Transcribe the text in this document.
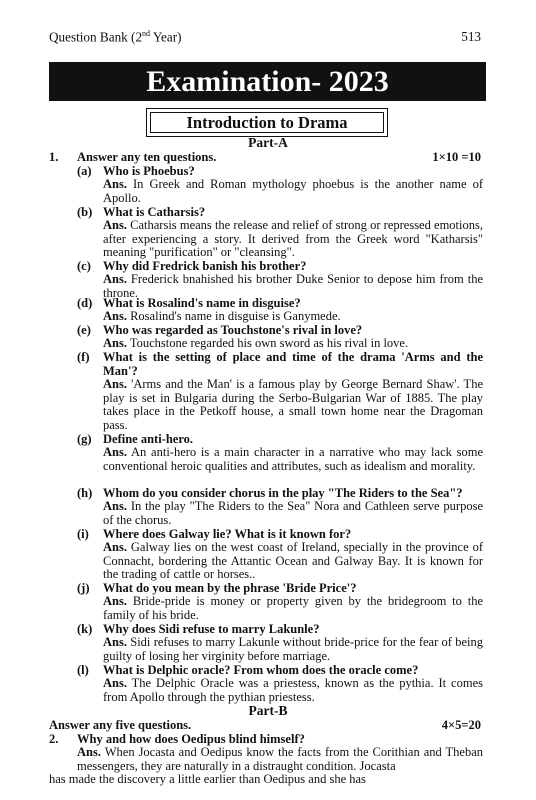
Question Bank (2nd Year)	513
Examination- 2023
Introduction to Drama
Part-A
1. Answer any ten questions.	1×10 =10
(a) Who is Phoebus?
Ans. In Greek and Roman mythology phoebus is the another name of Apollo.
(b) What is Catharsis?
Ans. Catharsis means the release and relief of strong or repressed emotions, after experiencing a story. It derived from the Greek word "Katharsis" meaning "purification" or "cleansing".
(c) Why did Fredrick banish his brother?
Ans. Frederick bnahished his brother Duke Senior to depose him from the throne.
(d) What is Rosalind's name in disguise?
Ans. Rosalind's name in disguise is Ganymede.
(e) Who was regarded as Touchstone's rival in love?
Ans. Touchstone regarded his own sword as his rival in love.
(f) What is the setting of place and time of the drama 'Arms and the Man'?
Ans. 'Arms and the Man' is a famous play by George Bernard Shaw'. The play is set in Bulgaria during the Serbo-Bulgarian War of 1885. The play takes place in the Petkoff house, a small town home near the Dragoman pass.
(g) Define anti-hero.
Ans. An anti-hero is a main character in a narrative who may lack some conventional heroic qualities and attributes, such as idealism and morality.
(h) Whom do you consider chorus in the play "The Riders to the Sea"?
Ans. In the play "The Riders to the Sea" Nora and Cathleen serve purpose of the chorus.
(i) Where does Galway lie? What is it known for?
Ans. Galway lies on the west coast of Ireland, specially in the province of Connacht, bordering the Attantic Ocean and Galway Bay. It is known for the trading of cattle or horses..
(j) What do you mean by the phrase 'Bride Price'?
Ans. Bride-pride is money or property given by the bridegroom to the family of his bride.
(k) Why does Sidi refuse to marry Lakunle?
Ans. Sidi refuses to marry Lakunle without bride-price for the fear of being guilty of losing her virginity before marriage.
(l) What is Delphic oracle? From whom does the oracle come?
Ans. The Delphic Oracle was a priestess, known as the pythia. It comes from Apollo through the pythian priestess.
Part-B
Answer any five questions.	4×5=20
2. Why and how does Oedipus blind himself?
Ans. When Jocasta and Oedipus know the facts from the Corithian and Theban messengers, they are naturally in a distraught condition. Jocasta
has made the discovery a little earlier than Oedipus and she has
